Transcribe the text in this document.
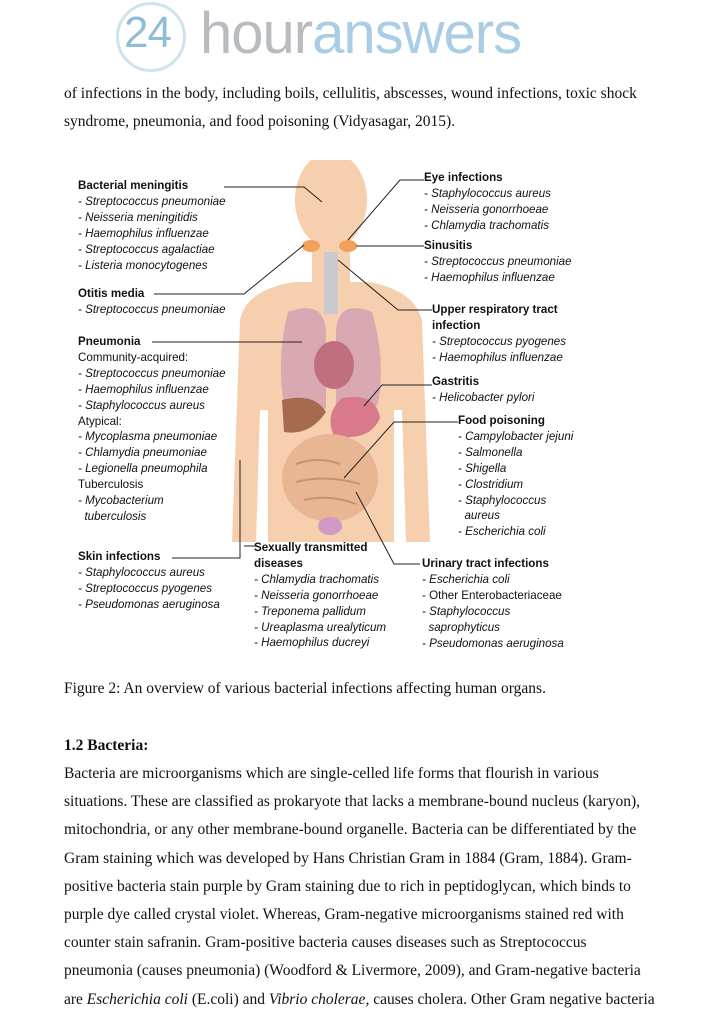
24 houranswers
of infections in the body, including boils, cellulitis, abscesses, wound infections, toxic shock
syndrome, pneumonia, and food poisoning (Vidyasagar, 2015).
Bacterial meningitis
- Streptococcus pneumoniae
- Neisseria meningitidis
- Haemophilus influenzae
- Streptococcus agalactiae
- Listeria monocytogenes
Otitis media
- Streptococcus pneumoniae
Pneumonia
Community-acquired:
- Streptococcus pneumoniae
- Haemophilus influenzae
- Staphylococcus aureus
Atypical:
- Mycoplasma pneumoniae
- Chlamydia pneumoniae
- Legionella pneumophila
Tuberculosis
- Mycobacterium
tuberculosis
Skin infections
- Staphylococcus aureus
- Streptococcus pyogenes
- Pseudomonas aeruginosa
Eye infections
- Staphylococcus aureus
- Neisseria gonorrhoeae
- Chlamydia trachomatis
Sinusitis
- Streptococcus pneumoniae
- Haemophilus influenzae
Upper respiratory tract
infection
- Streptococcus pyogenes
- Haemophilus influenzae
Gastritis
- Helicobacter pylori
Food poisoning
- Campylobacter jejuni
- Salmonella
- Shigella
- Clostridium
- Staphylococcus
aureus
- Escherichia coli
Sexually transmitted
diseases
- Chlamydia trachomatis
- Neisseria gonorrhoeae
- Treponema pallidum
- Ureaplasma urealyticum
- Haemophilus ducreyi
Urinary tract infections
- Escherichia coli
- Other Enterobacteriaceae
- Staphylococcus
saprophyticus
- Pseudomonas aeruginosa
Figure 2: An overview of various bacterial infections affecting human organs.
1.2 Bacteria:
Bacteria are microorganisms which are single-celled life forms that flourish in various
situations. These are classified as prokaryote that lacks a membrane-bound nucleus (karyon),
mitochondria, or any other membrane-bound organelle. Bacteria can be differentiated by the
Gram staining which was developed by Hans Christian Gram in 1884 (Gram, 1884). Gram-
positive bacteria stain purple by Gram staining due to rich in peptidoglycan, which binds to
purple dye called crystal violet. Whereas, Gram-negative microorganisms stained red with
counter stain safranin. Gram-positive bacteria causes diseases such as Streptococcus
pneumonia (causes pneumonia) (Woodford & Livermore, 2009), and Gram-negative bacteria
are Escherichia coli (E.coli) and Vibrio cholerae, causes cholera. Other Gram negative bacteria
